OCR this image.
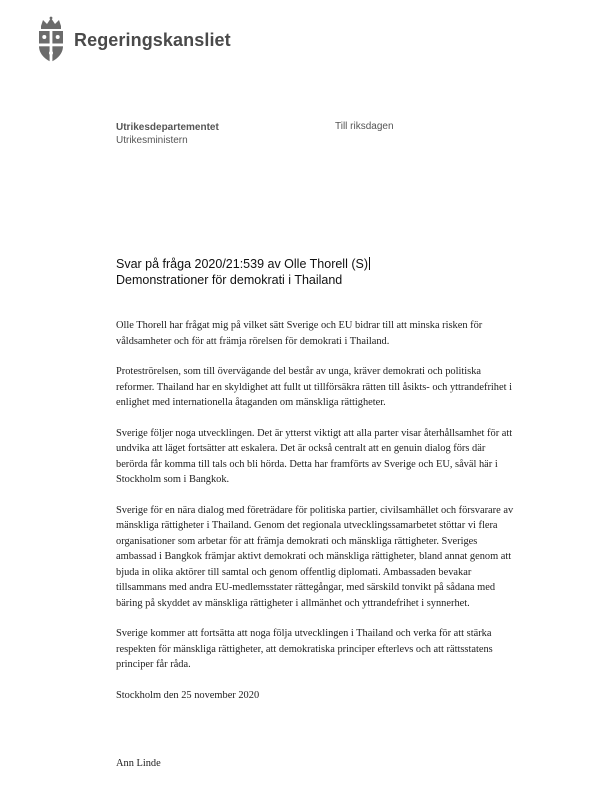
Regeringskansliet
Utrikesdepartementet
Utrikesministern
Till riksdagen
Svar på fråga 2020/21:539 av Olle Thorell (S)
Demonstrationer för demokrati i Thailand

Olle Thorell har frågat mig på vilket sätt Sverige och EU bidrar till att minska risken för våldsamheter och för att främja rörelsen för demokrati i Thailand.

Proteströrelsen, som till övervägande del består av unga, kräver demokrati och politiska reformer. Thailand har en skyldighet att fullt ut tillförsäkra rätten till åsikts- och yttrandefrihet i enlighet med internationella åtaganden om mänskliga rättigheter.

Sverige följer noga utvecklingen. Det är ytterst viktigt att alla parter visar återhållsamhet för att undvika att läget fortsätter att eskalera. Det är också centralt att en genuin dialog förs där berörda får komma till tals och bli hörda. Detta har framförts av Sverige och EU, såväl här i Stockholm som i Bangkok.

Sverige för en nära dialog med företrädare för politiska partier, civilsamhället och försvarare av mänskliga rättigheter i Thailand. Genom det regionala utvecklingssamarbetet stöttar vi flera organisationer som arbetar för att främja demokrati och mänskliga rättigheter. Sveriges ambassad i Bangkok främjar aktivt demokrati och mänskliga rättigheter, bland annat genom att bjuda in olika aktörer till samtal och genom offentlig diplomati. Ambassaden bevakar tillsammans med andra EU-medlemsstater rättegångar, med särskild tonvikt på sådana med bäring på skyddet av mänskliga rättigheter i allmänhet och yttrandefrihet i synnerhet.

Sverige kommer att fortsätta att noga följa utvecklingen i Thailand och verka för att stärka respekten för mänskliga rättigheter, att demokratiska principer efterlevs och att rättsstatens principer får råda.

Stockholm den 25 november 2020

Ann Linde
